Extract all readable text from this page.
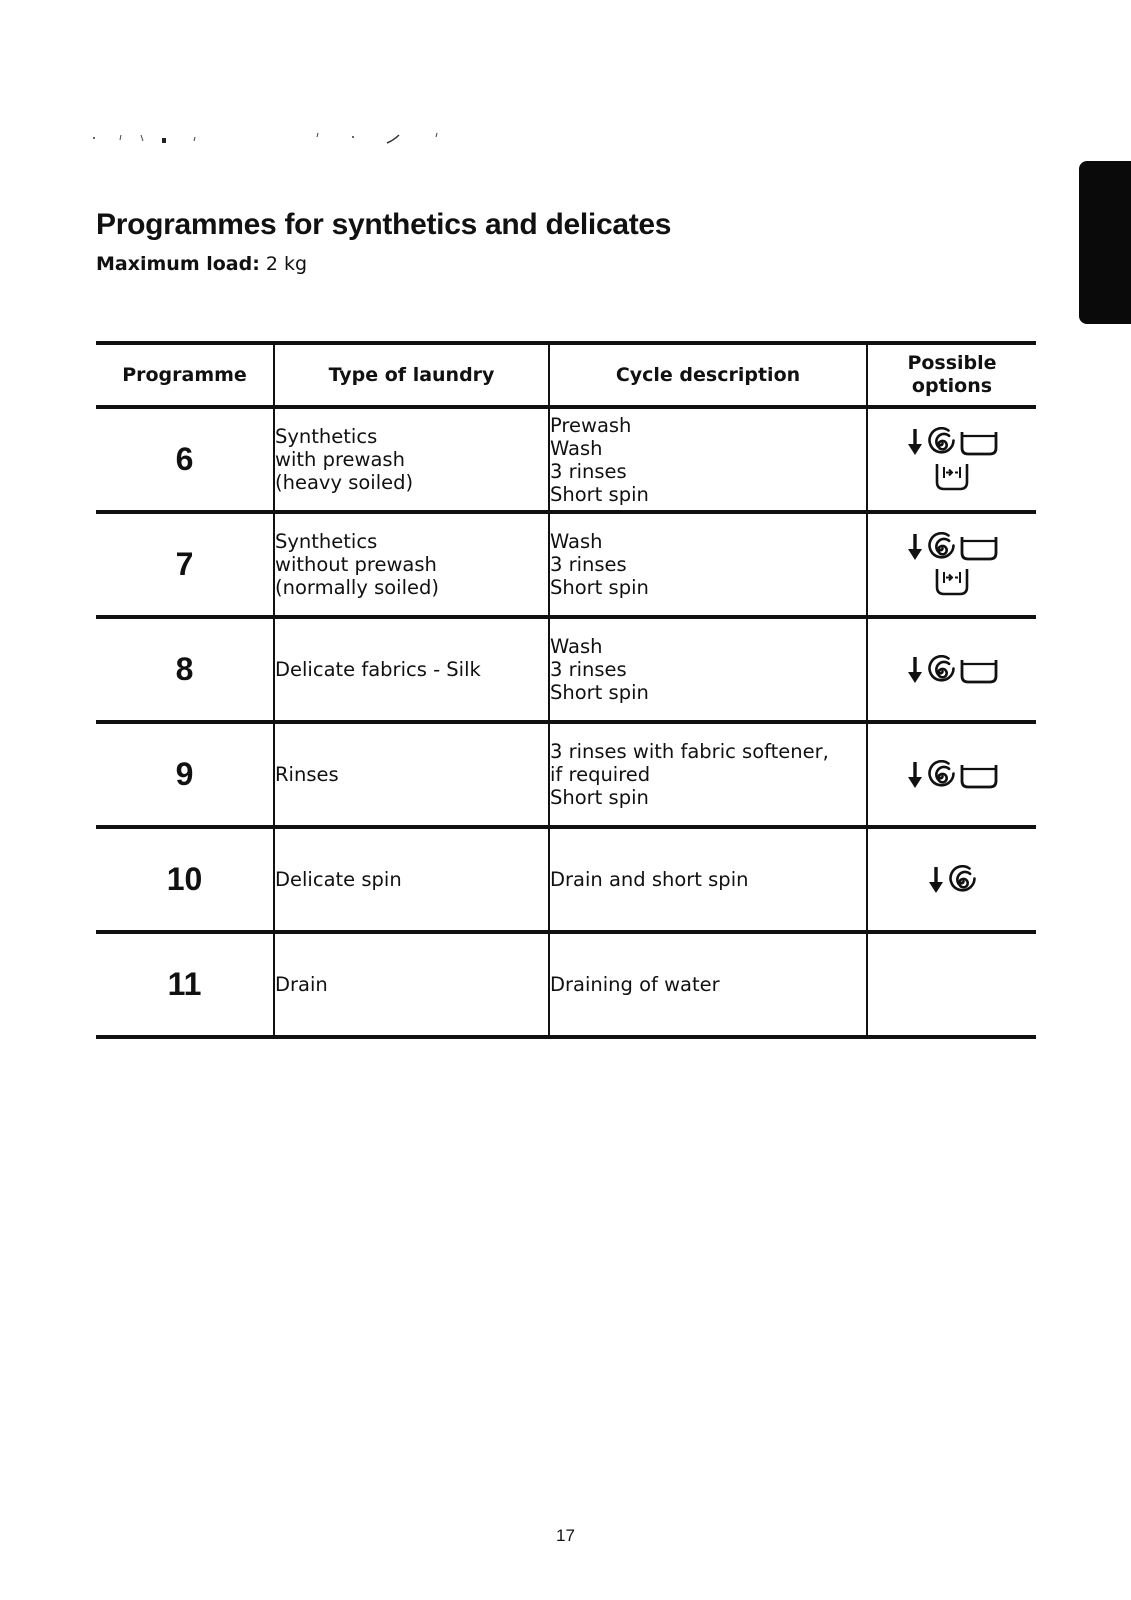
Programmes for synthetics and delicates
Maximum load: 2 kg
Programme	Type of laundry	Cycle description	Possible
options

6	Synthetics
with prewash
(heavy soiled)	Prewash
Wash
3 rinses
Short spin

7	Synthetics
without prewash
(normally soiled)	Wash
3 rinses
Short spin

8	Delicate fabrics - Silk	Wash
3 rinses
Short spin

9	Rinses	3 rinses with fabric softener,
if required
Short spin

10	Delicate spin	Drain and short spin

11	Drain	Draining of water	

17
